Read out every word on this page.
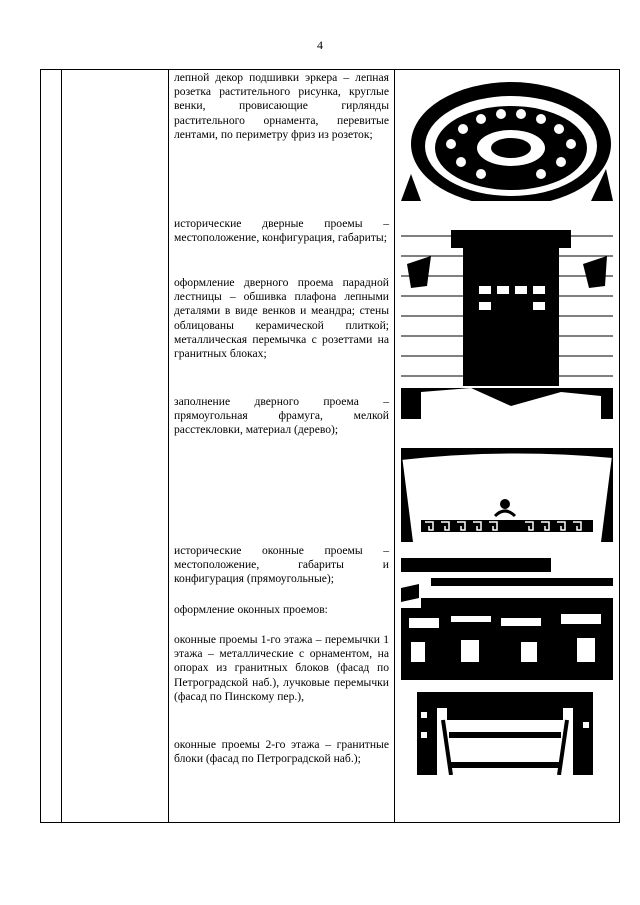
4

лепной декор подшивки эркера – лепная розетка растительного рисунка, круглые венки, провисающие гирлянды растительного орнамента, перевитые лентами, по периметру фриз из розеток;

исторические дверные проемы – местоположение, конфигурация, габариты;

оформление дверного проема парадной лестницы – обшивка плафона лепными деталями в виде венков и меандра; стены облицованы керамической плиткой; металлическая перемычка с розеттами на гранитных блоках;

заполнение дверного проема – прямоугольная фрамуга, мелкой расстекловки, материал (дерево);

исторические оконные проемы – местоположение, габариты и конфигурация (прямоугольные);

оформление оконных проемов:

оконные проемы 1-го этажа – перемычки 1 этажа – металлические с орнаментом, на опорах из гранитных блоков (фасад по Петроградской наб.), лучковые перемычки (фасад по Пинскому пер.),

оконные проемы 2-го этажа – гранитные блоки (фасад по Петроградской наб.);
